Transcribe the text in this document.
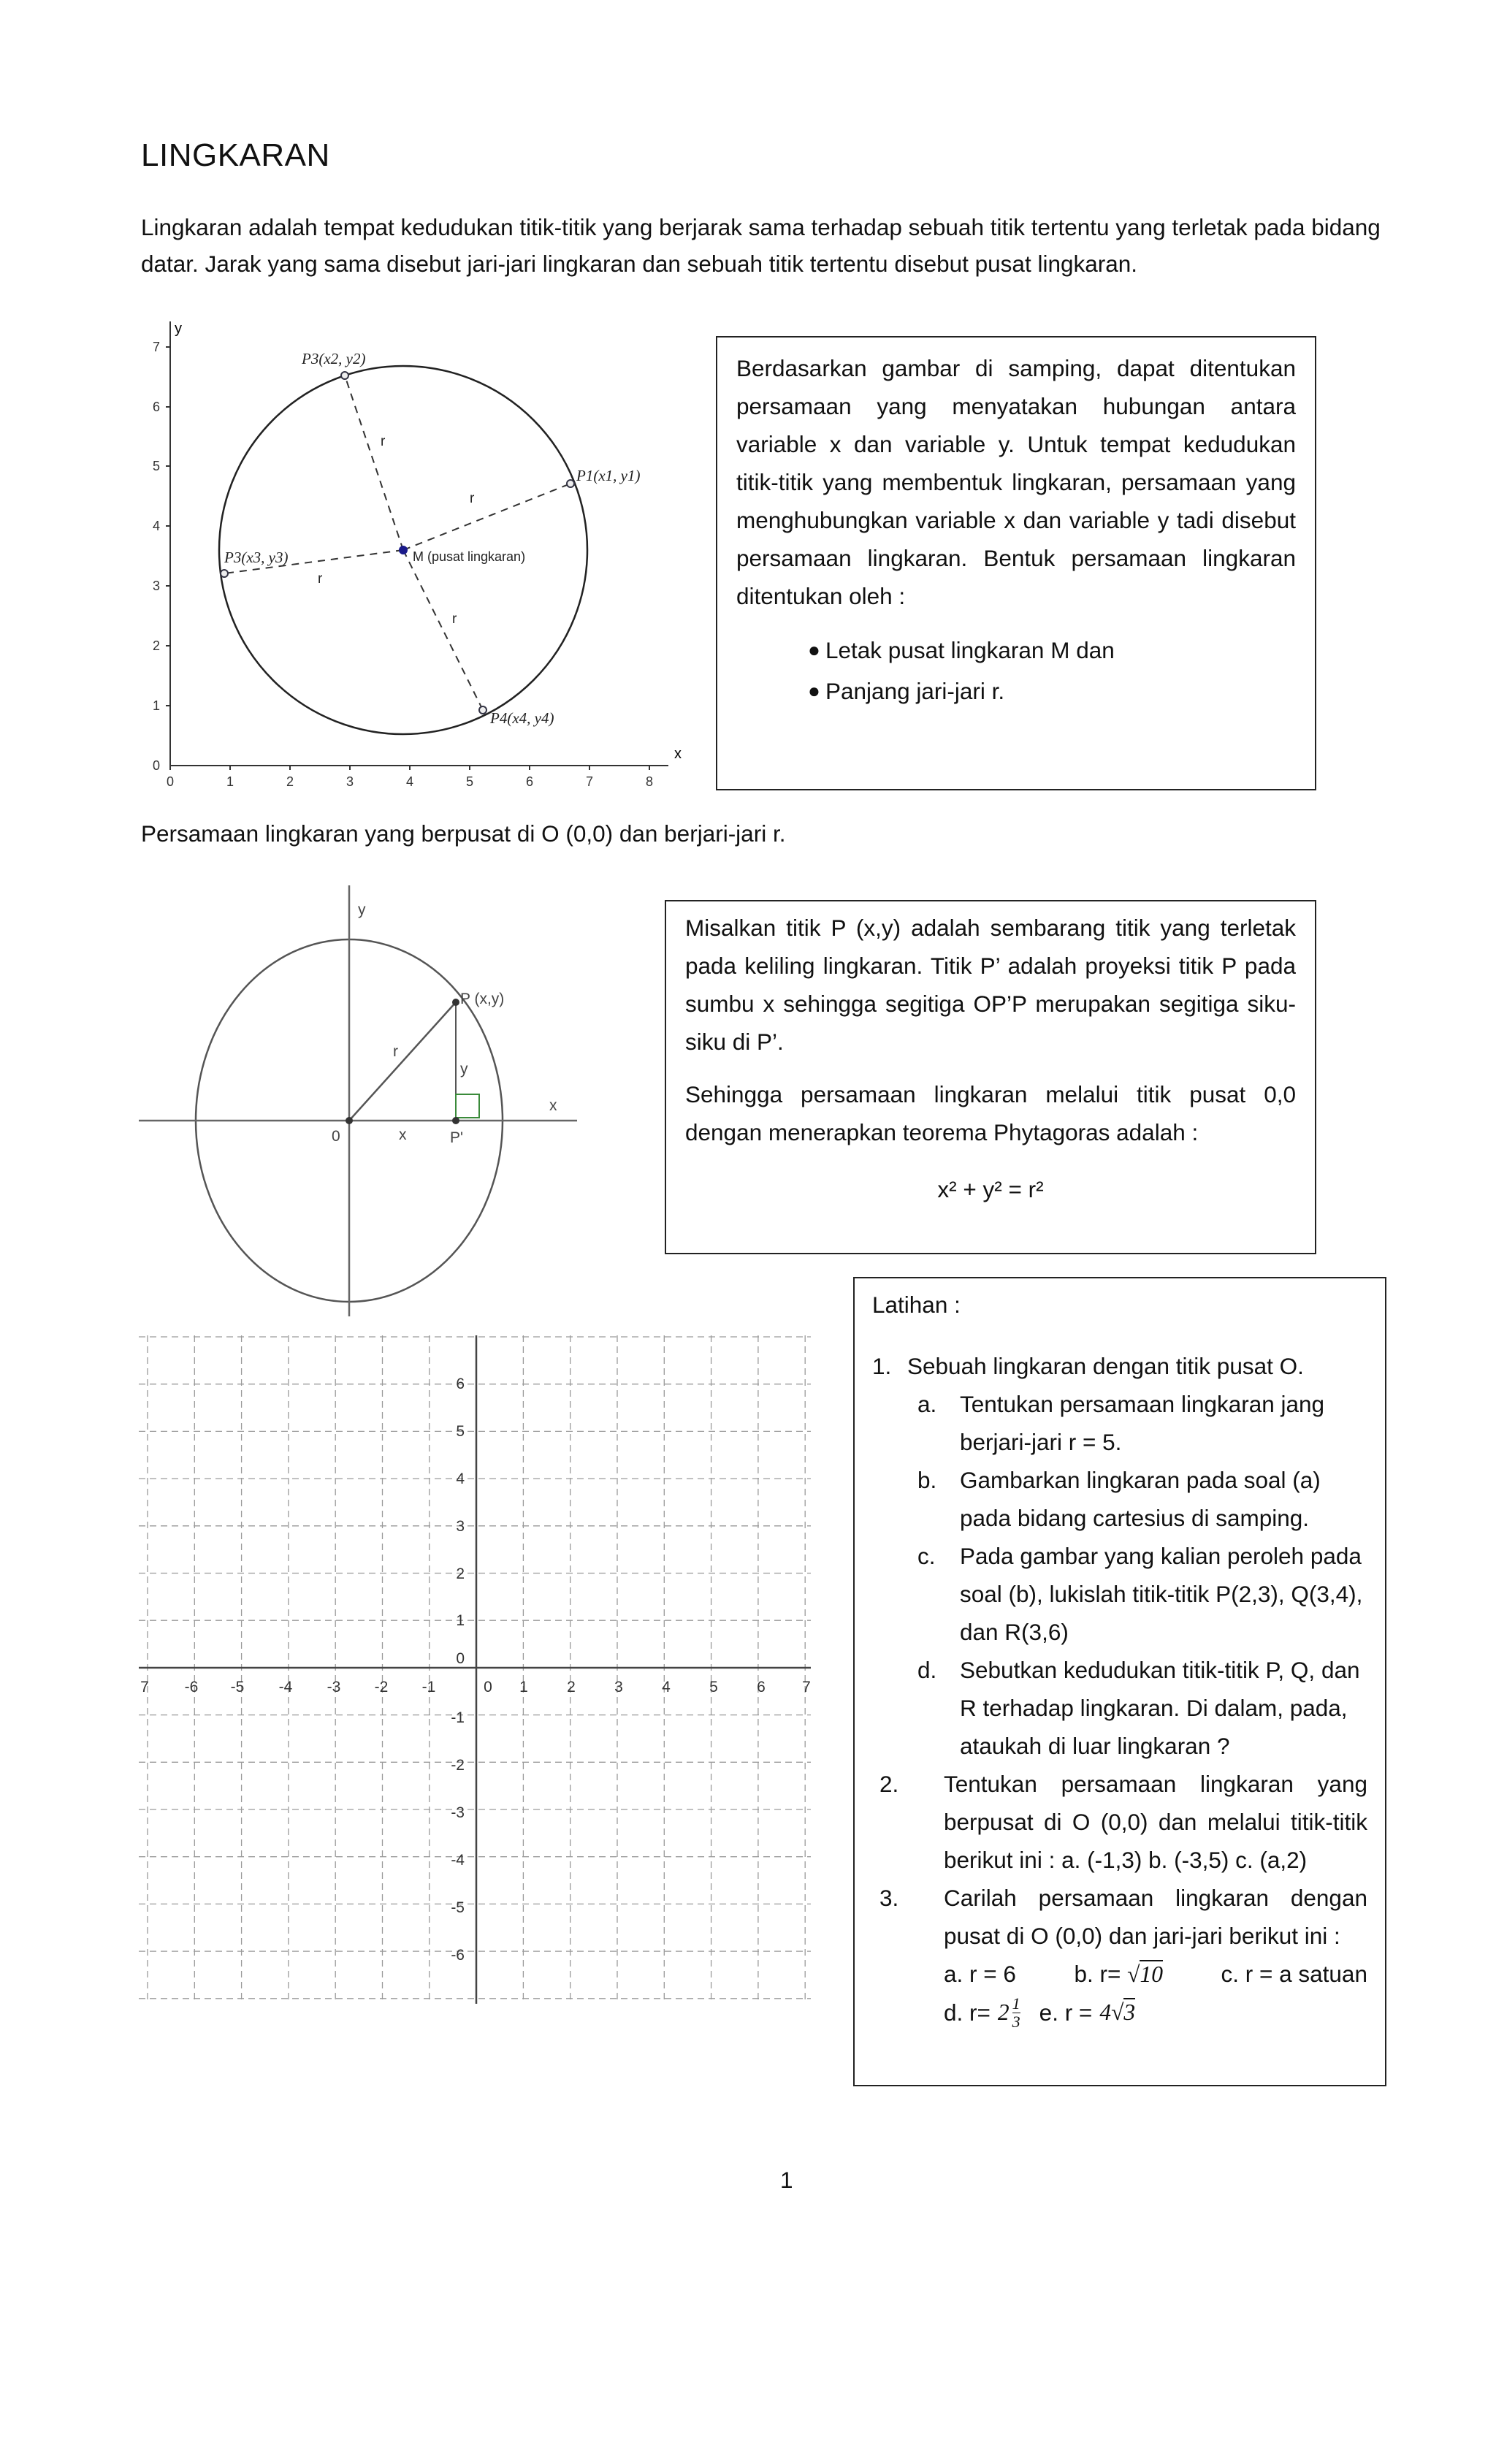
LINGKARAN
Lingkaran adalah tempat kedudukan titik-titik yang berjarak sama terhadap sebuah titik tertentu yang terletak pada bidang datar. Jarak yang sama disebut jari-jari lingkaran dan sebuah titik tertentu disebut pusat lingkaran.
y
x
7
6
5
4
3
2
1
0
0	1	2	3	4	5	6	7	8
r
r
r
r
M (pusat lingkaran)
P3(x2, y2)
P1(x1, y1)
P3(x3, y3)
P4(x4, y4)

Berdasarkan gambar di samping, dapat ditentukan persamaan yang menyatakan hubungan antara variable x dan variable y. Untuk tempat kedudukan titik-titik yang membentuk lingkaran, persamaan yang menghubungkan variable x dan variable y tadi disebut persamaan lingkaran. Bentuk persamaan lingkaran ditentukan oleh :

● Letak pusat lingkaran M dan
● Panjang jari-jari r.
Persamaan lingkaran yang berpusat di O (0,0) dan berjari-jari r.
y
x
P (x,y)
0	P'
r
x
y

Misalkan titik P (x,y) adalah sembarang titik yang terletak pada keliling lingkaran. Titik P’ adalah proyeksi titik P pada sumbu x sehingga segitiga OP’P merupakan segitiga siku-siku di P’.

Sehingga persamaan lingkaran melalui titik pusat 0,0 dengan menerapkan teorema Phytagoras adalah :

x² + y² = r²
7 -6 -5 -4 -3 -2 -1	0 1	2	3	4	5	6 7
6
5
4
3
2
1
0
-1
-2
-3
-4
-5
-6
Latihan :
1. Sebuah lingkaran dengan titik pusat O.
a. Tentukan persamaan lingkaran jang berjari-jari r = 5.
b. Gambarkan lingkaran pada soal (a) pada bidang cartesius di samping.
c. Pada gambar yang kalian peroleh pada soal (b), lukislah titik-titik P(2,3), Q(3,4), dan R(3,6)
d. Sebutkan kedudukan titik-titik P, Q, dan R terhadap lingkaran. Di dalam, pada, ataukah di luar lingkaran ?
2. Tentukan persamaan lingkaran yang berpusat di O (0,0) dan melalui titik-titik berikut ini : a. (-1,3) b. (-3,5) c. (a,2)
3. Carilah persamaan lingkaran dengan pusat di O (0,0) dan jari-jari berikut ini :
a. r = 6	b. r= √10	c. r = a satuan
d. r= 2 1
3 e. r = 4√3
1
